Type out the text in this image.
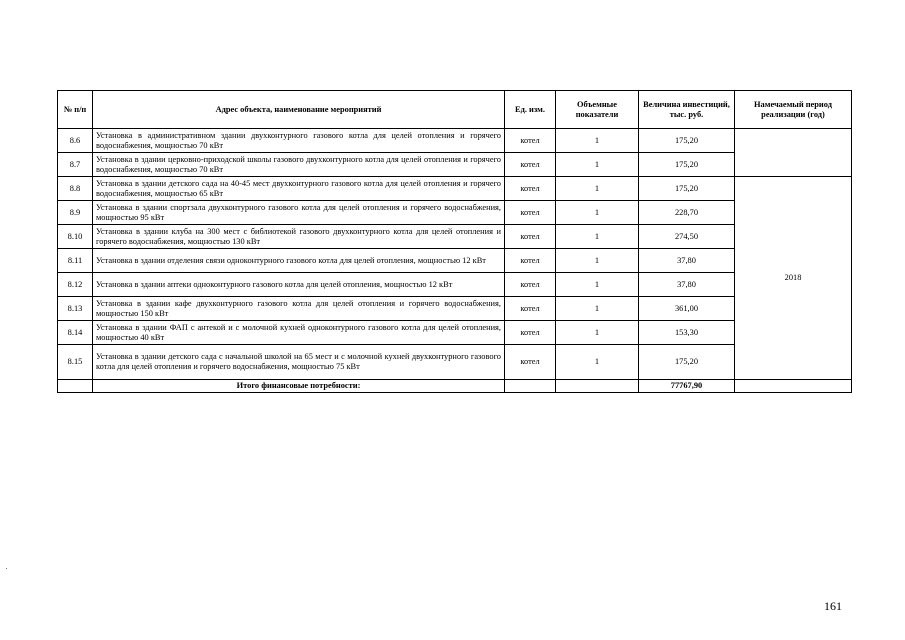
№ п/п	Адрес объекта, наименование мероприятий	Ед. изм.	Объемные показатели	Величина инвестиций, тыс. руб.	Намечаемый период реализации (год)
8.6	Установка в административном здании двухконтурного газового котла для целей отопления и горячего водоснабжения, мощностью 70 кВт	котел	1	175,20	
8.7	Установка в здании церковно-приходской школы газового двухконтурного котла для целей отопления и горячего водоснабжения, мощностью 70 кВт	котел	1	175,20	
8.8	Установка в здании детского сада на 40-45 мест двухконтурного газового котла для целей отопления и горячего водоснабжения, мощностью 65 кВт	котел	1	175,20	2018
8.9	Установка в здании спортзала двухконтурного газового котла для целей отопления и горячего водоснабжения, мощностью 95 кВт	котел	1	228,70	
8.10	Установка в здании клуба на 300 мест с библиотекой газового двухконтурного котла для целей отопления и горячего водоснабжения, мощностью 130 кВт	котел	1	274,50	
8.11	Установка в здании отделения связи одноконтурного газового котла для целей отопления, мощностью 12 кВт	котел	1	37,80	
8.12	Установка в здании аптеки одноконтурного газового котла для целей отопления, мощностью 12 кВт	котел	1	37,80	
8.13	Установка в здании кафе двухконтурного газового котла для целей отопления и горячего водоснабжения, мощностью 150 кВт	котел	1	361,00	
8.14	Установка в здании ФАП с антекой и с молочной кухней одноконтурного газового котла для целей отопления, мощностью 40 кВт	котел	1	153,30	
8.15	Установка в здании детского сада с начальной школой на 65 мест и с молочной кухней двухконтурного газового котла для целей отопления и горячего водоснабжения, мощностью 75 кВт	котел	1	175,20	
	Итого финансовые потребности:			77767,90	
161
